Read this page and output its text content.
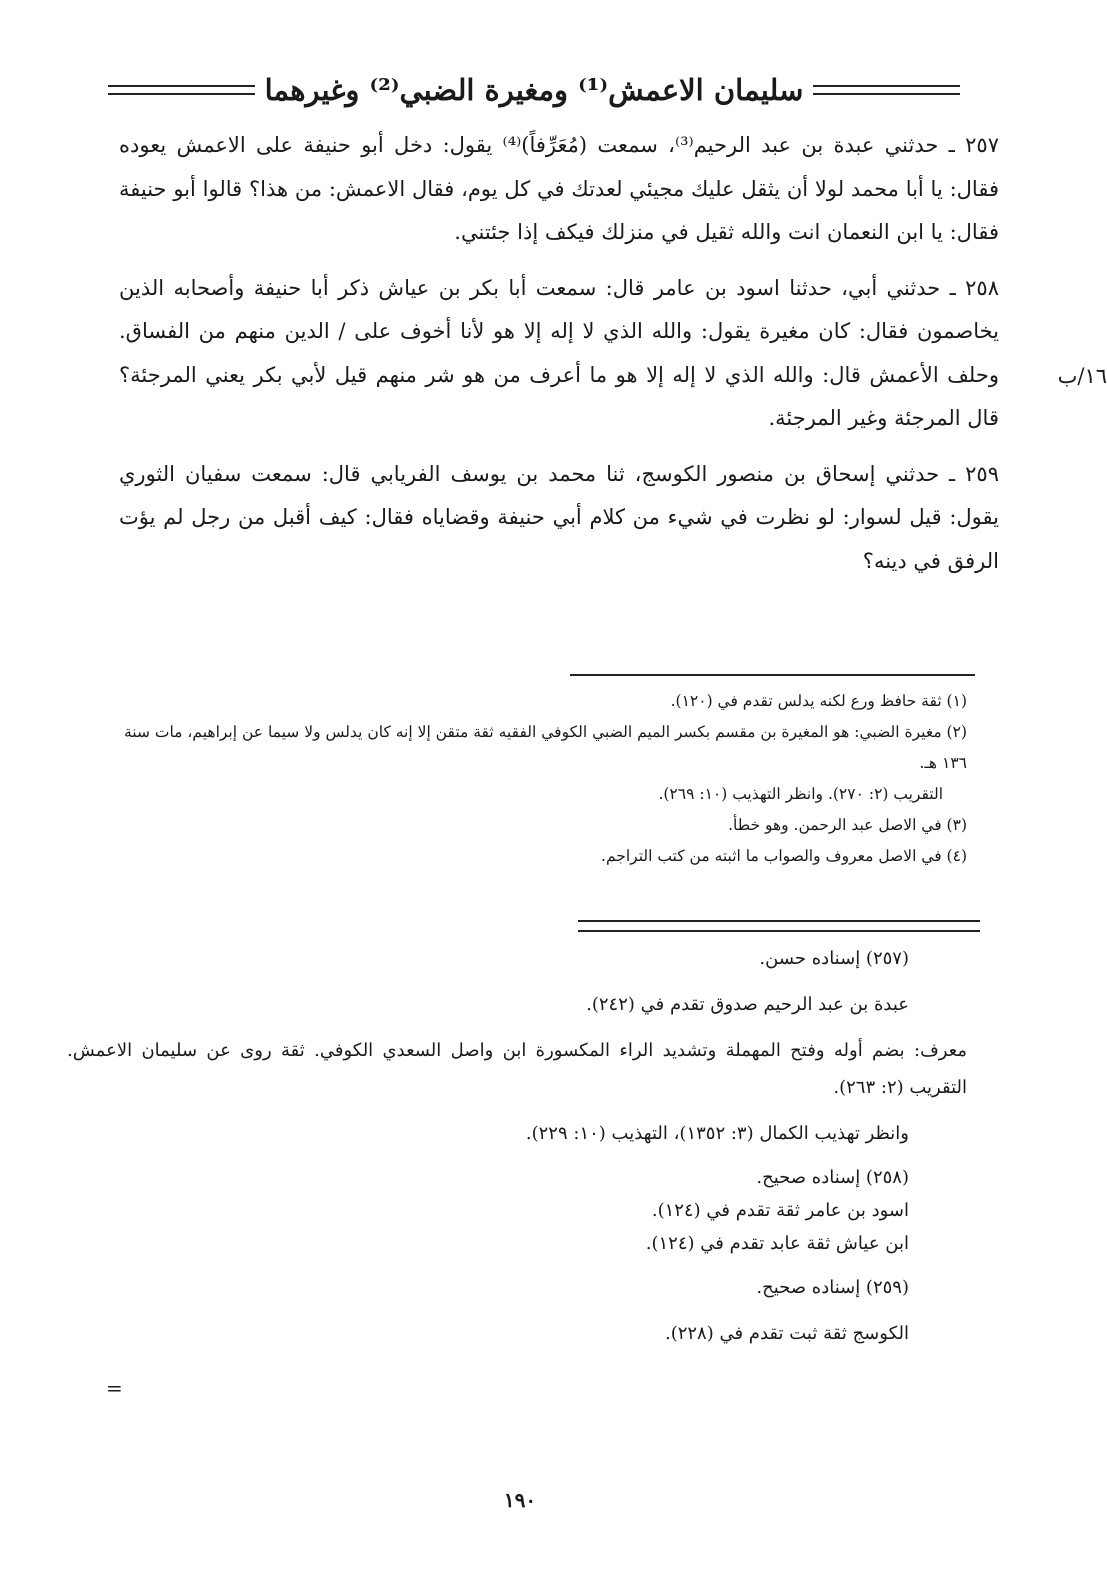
سليمان الاعمش⁽¹⁾ ومغيرة الضبي⁽²⁾ وغيرهما

٢٥٧ ـ حدثني عبدة بن عبد الرحيم⁽³⁾، سمعت (مُعَرِّفاً)⁽⁴⁾ يقول: دخل أبو حنيفة على الاعمش يعوده فقال: يا أبا محمد لولا أن يثقل عليك مجيئي لعدتك في كل يوم، فقال الاعمش: من هذا؟ قالوا أبو حنيفة فقال: يا ابن النعمان انت والله ثقيل في منزلك فيكف إذا جئتني.

٢٥٨ ـ حدثني أبي، حدثنا اسود بن عامر قال: سمعت أبا بكر بن عياش ذكر أبا حنيفة وأصحابه الذين يخاصمون فقال: كان مغيرة يقول: والله الذي لا إله إلا هو لأنا أخوف على / الدين منهم من الفساق. وحلف الأعمش قال: والله الذي لا إله إلا هو ما أعرف من هو شر منهم قيل لأبي بكر يعني المرجئة؟ قال المرجئة وغير المرجئة.

١٦/ب

٢٥٩ ـ حدثني إسحاق بن منصور الكوسج، ثنا محمد بن يوسف الفريابي قال: سمعت سفيان الثوري يقول: قيل لسوار: لو نظرت في شيء من كلام أبي حنيفة وقضاياه فقال: كيف أقبل من رجل لم يؤت الرفق في دينه؟

(١) ثقة حافظ ورع لكنه يدلس تقدم في (١٢٠).
(٢) مغيرة الضبي: هو المغيرة بن مقسم بكسر الميم الضبي الكوفي الفقيه ثقة متقن إلا إنه كان يدلس ولا سيما عن إبراهيم، مات سنة ١٣٦ هـ.
التقريب (٢: ٢٧٠). وانظر التهذيب (١٠: ٢٦٩).
(٣) في الاصل عبد الرحمن. وهو خطأ.
(٤) في الاصل معروف والصواب ما اثبته من كتب التراجم.
(٢٥٧) إسناده حسن.
عبدة بن عبد الرحيم صدوق تقدم في (٢٤٢).
معرف: بضم أوله وفتح المهملة وتشديد الراء المكسورة ابن واصل السعدي الكوفي. ثقة روى عن سليمان الاعمش. التقريب (٢: ٢٦٣).
وانظر تهذيب الكمال (٣: ١٣٥٢)، التهذيب (١٠: ٢٢٩).
(٢٥٨) إسناده صحيح.
اسود بن عامر ثقة تقدم في (١٢٤).
ابن عياش ثقة عابد تقدم في (١٢٤).
(٢٥٩) إسناده صحيح.
الكوسج ثقة ثبت تقدم في (٢٢٨).
=
١٩٠
